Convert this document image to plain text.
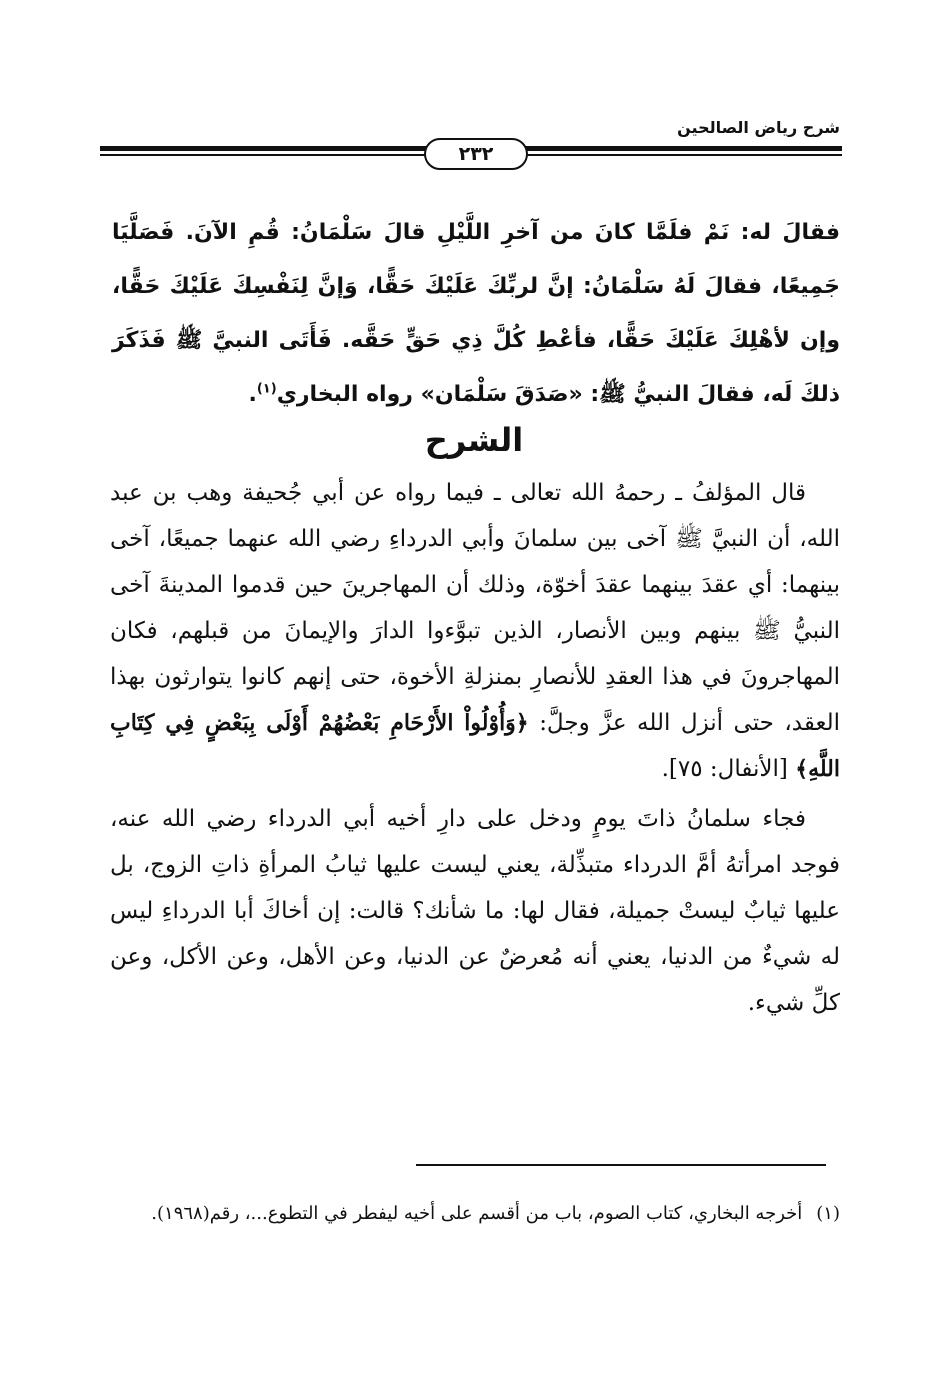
شرح رياض الصالحين
٢٣٢
فقالَ له: نَمْ فلَمَّا كانَ من آخرِ اللَّيْلِ قالَ سَلْمَانُ: قُمِ الآنَ. فَصَلَّيَا جَمِيعًا، فقالَ لَهُ سَلْمَانُ: إنَّ لربِّكَ عَلَيْكَ حَقًّا، وَإنَّ لِنَفْسِكَ عَلَيْكَ حَقًّا، وإن لأهْلِكَ عَلَيْكَ حَقًّا، فأعْطِ كُلَّ ذِي حَقٍّ حَقَّه. فَأَتَى النبيَّ ﷺ فَذَكَرَ ذلكَ لَه، فقالَ النبيُّ ﷺ: «صَدَقَ سَلْمَان» رواه البخاري$^{(١)}$.
الشرح

قال المؤلفُ ـ رحمهُ الله تعالى ـ فيما رواه عن أبي جُحيفة وهب بن عبد الله، أن النبيَّ ﷺ آخى بين سلمانَ وأبي الدرداءِ رضي الله عنهما جميعًا، آخى بينهما: أي عقدَ بينهما عقدَ أخوّة، وذلك أن المهاجرينَ حين قدموا المدينةَ آخى النبيُّ ﷺ بينهم وبين الأنصار، الذين تبوَّءوا الدارَ والإيمانَ من قبلهم، فكان المهاجرونَ في هذا العقدِ للأنصارِ بمنزلةِ الأخوة، حتى إنهم كانوا يتوارثون بهذا العقد، حتى أنزل الله عزَّ وجلَّ: ﴿وَأُوْلُواْ الأَرْحَامِ بَعْضُهُمْ أَوْلَى بِبَعْضٍ فِي كِتَابِ اللَّهِ﴾ [الأنفال: ٧٥].

فجاء سلمانُ ذاتَ يومٍ ودخل على دارِ أخيه أبي الدرداء رضي الله عنه، فوجد امرأتهُ أمَّ الدرداء متبذِّلة، يعني ليست عليها ثيابُ المرأةِ ذاتِ الزوج، بل عليها ثيابٌ ليستْ جميلة، فقال لها: ما شأنك؟ قالت: إن أخاكَ أبا الدرداءِ ليس له شيءٌ من الدنيا، يعني أنه مُعرضٌ عن الدنيا، وعن الأهل، وعن الأكل، وعن كلِّ شيء.

(١)أخرجه البخاري، كتاب الصوم، باب من أقسم على أخيه ليفطر في التطوع...، رقم(١٩٦٨).
